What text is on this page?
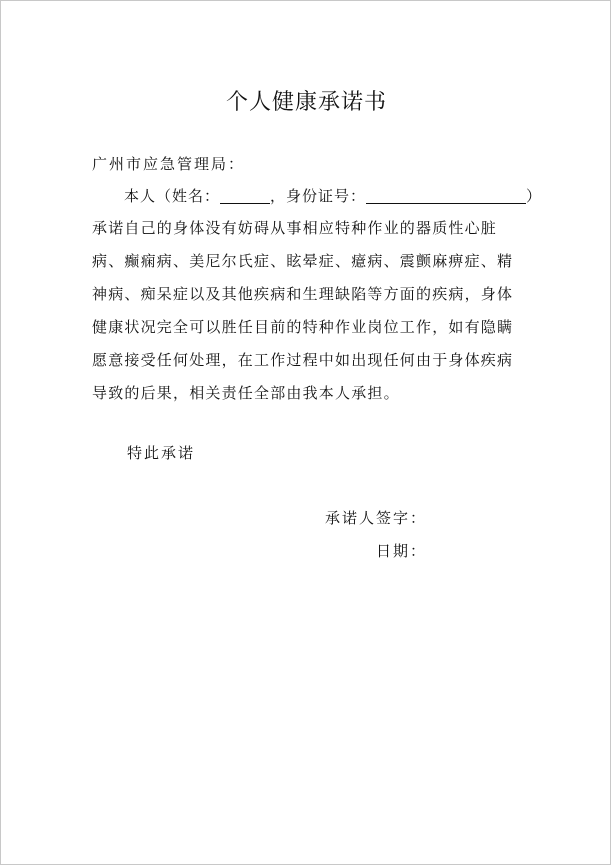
个人健康承诺书
广州市应急管理局：
本人（姓名：	，身份证号：	）
承诺自己的身体没有妨碍从事相应特种作业的器质性心脏
病、癫痫病、美尼尔氏症、眩晕症、癔病、震颤麻痹症、精
神病、痴呆症以及其他疾病和生理缺陷等方面的疾病，身体
健康状况完全可以胜任目前的特种作业岗位工作，如有隐瞒
愿意接受任何处理，在工作过程中如出现任何由于身体疾病
导致的后果，相关责任全部由我本人承担。
特此承诺
承诺人签字：
日期：
